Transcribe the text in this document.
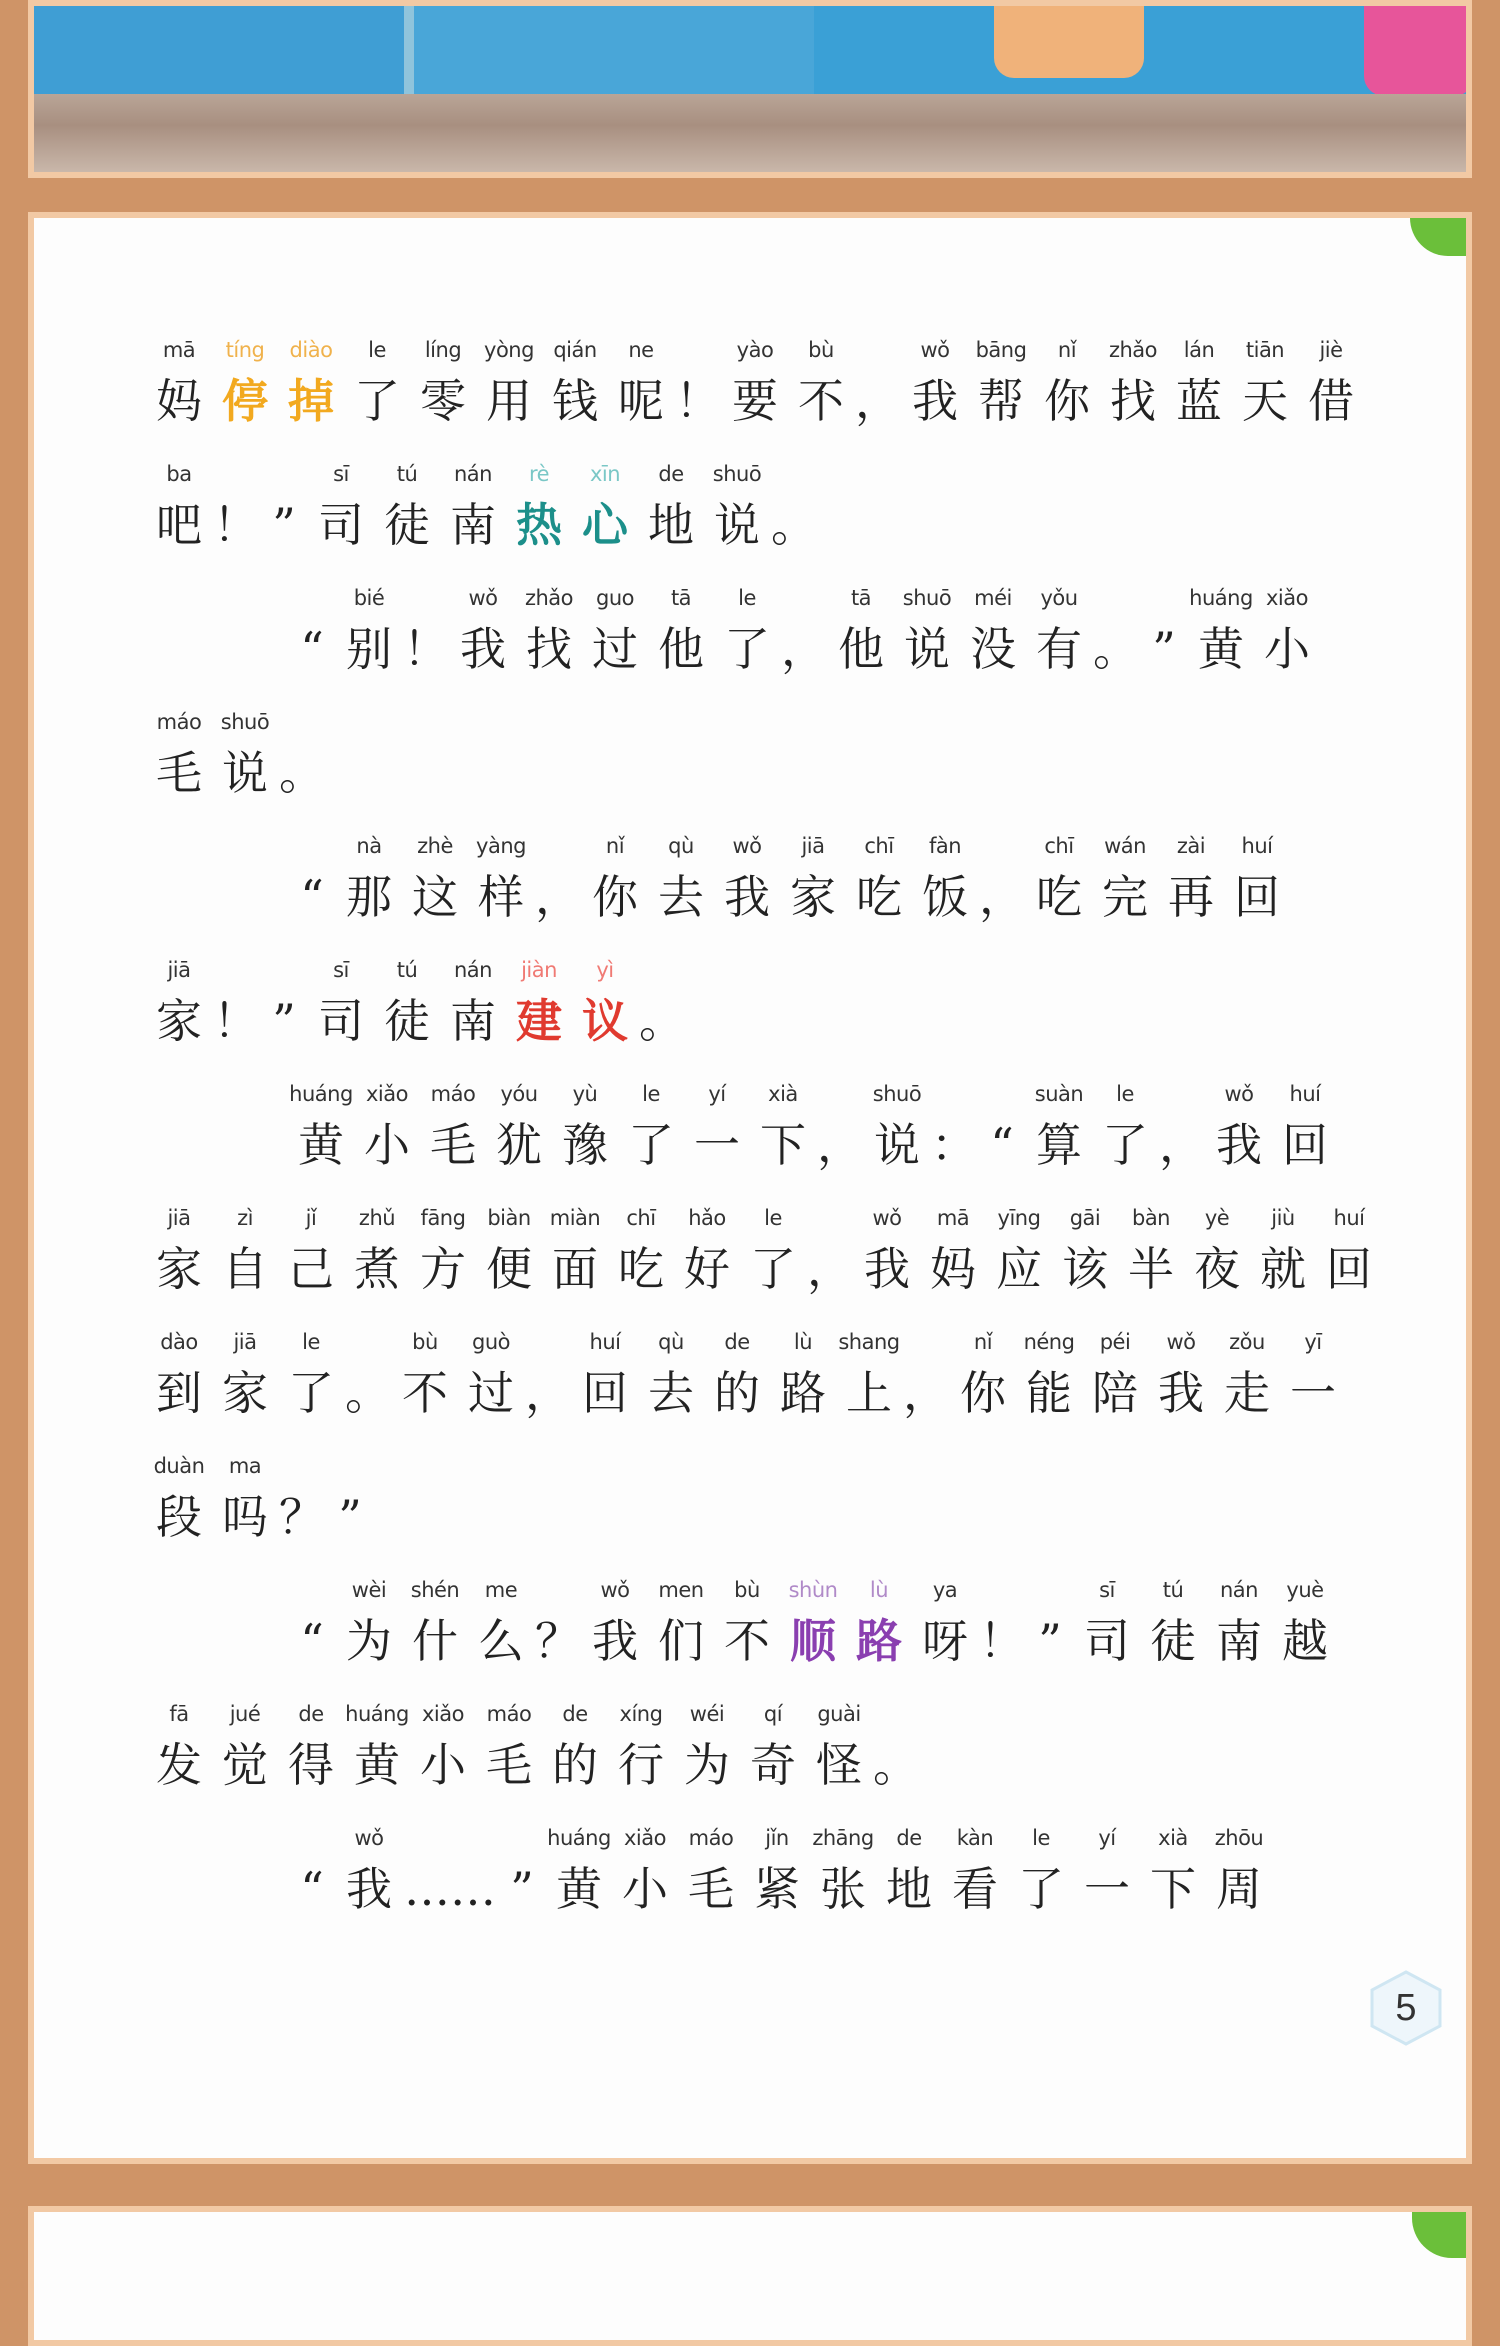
mā
妈
tíng
停
diào
掉
le
了
líng
零
yòng
用
qián
钱
ne
呢 ！
yào
要
bù
不 ，
wǒ
我
bāng
帮
nǐ
你
zhǎo
找
lán
蓝
tiān
天
jiè
借
ba
吧 ！ ”
sī
司
tú
徒
nán
南
rè
热
xīn
心
de
地
shuō
说 。
“
bié
别 ！
wǒ
我
zhǎo
找
guo
过
tā
他
le
了 ，
tā
他
shuō
说
méi
没
yǒu
有 。 ”
huáng
黄
xiǎo
小
máo
毛
shuō
说 。
“
nà
那
zhè
这
yàng
样 ，
nǐ
你
qù
去
wǒ
我
jiā
家
chī
吃
fàn
饭 ，
chī
吃
wán
完
zài
再
huí
回
jiā
家 ！ ”
sī
司
tú
徒
nán
南
jiàn
建
yì
议 。
huáng
黄
xiǎo
小
máo
毛
yóu
犹
yù
豫
le
了
yí
一
xià
下 ，
shuō
说 ： “
suàn
算
le
了 ，
wǒ
我
huí
回
jiā
家
zì
自
jǐ
己
zhǔ
煮
fāng
方
biàn
便
miàn
面
chī
吃
hǎo
好
le
了 ，
wǒ
我
mā
妈
yīng
应
gāi
该
bàn
半
yè
夜
jiù
就
huí
回
dào
到
jiā
家
le
了 。
bù
不
guò
过 ，
huí
回
qù
去
de
的
lù
路
shang
上 ，
nǐ
你
néng
能
péi
陪
wǒ
我
zǒu
走
yī
一
duàn
段
ma
吗 ？ ”
“
wèi
为
shén
什
me
么 ？
wǒ
我
men
们
bù
不
shùn
顺
lù
路
ya
呀 ！ ”
sī
司
tú
徒
nán
南
yuè
越
fā
发
jué
觉
de
得
huáng
黄
xiǎo
小
máo
毛
de
的
xíng
行
wéi
为
qí
奇
guài
怪 。
“
wǒ
我 …… ”
huáng
黄
xiǎo
小
máo
毛
jǐn
紧
zhāng
张
de
地
kàn
看
le
了
yí
一
xià
下
zhōu
周
5
